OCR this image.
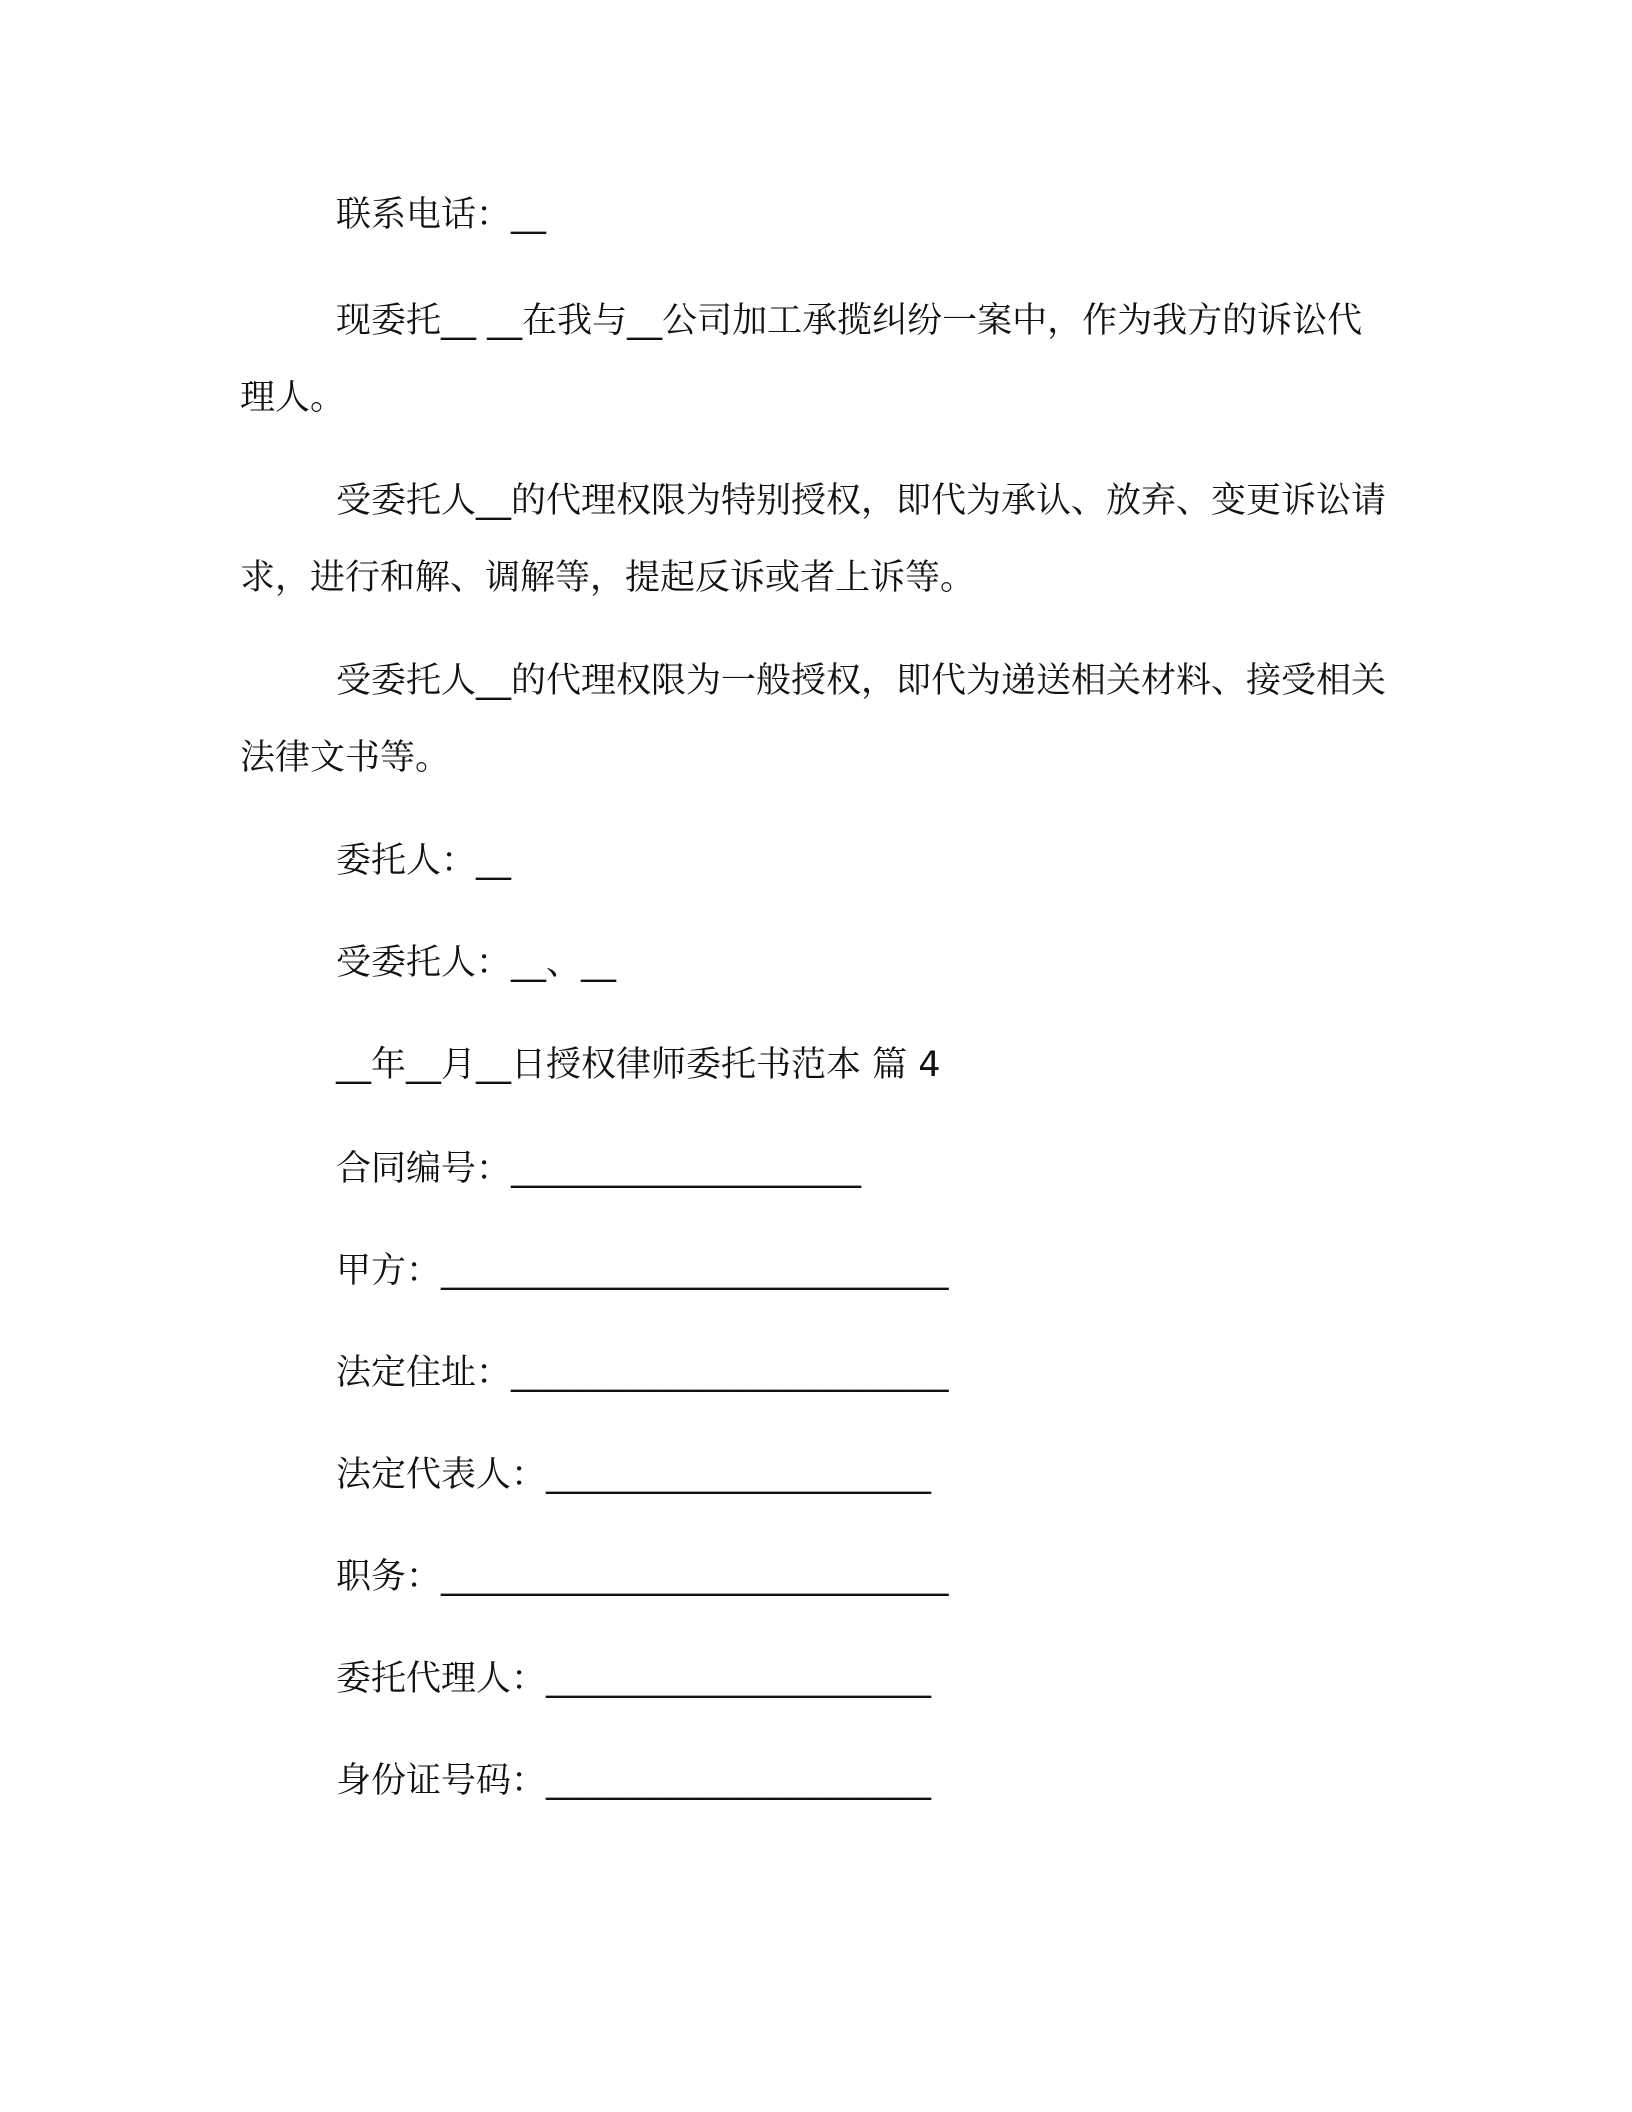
联系电话：__
现委托__ __在我与__公司加工承揽纠纷一案中，作为我方的诉讼代理人。
受委托人__的代理权限为特别授权，即代为承认、放弃、变更诉讼请求，进行和解、调解等，提起反诉或者上诉等。
受委托人__的代理权限为一般授权，即代为递送相关材料、接受相关法律文书等。
委托人：__
受委托人：__、__
__年__月__日授权律师委托书范本 篇 4
合同编号：____________________
甲方：_____________________________
法定住址：_________________________
法定代表人：______________________
职务：_____________________________
委托代理人：______________________
身份证号码：______________________
